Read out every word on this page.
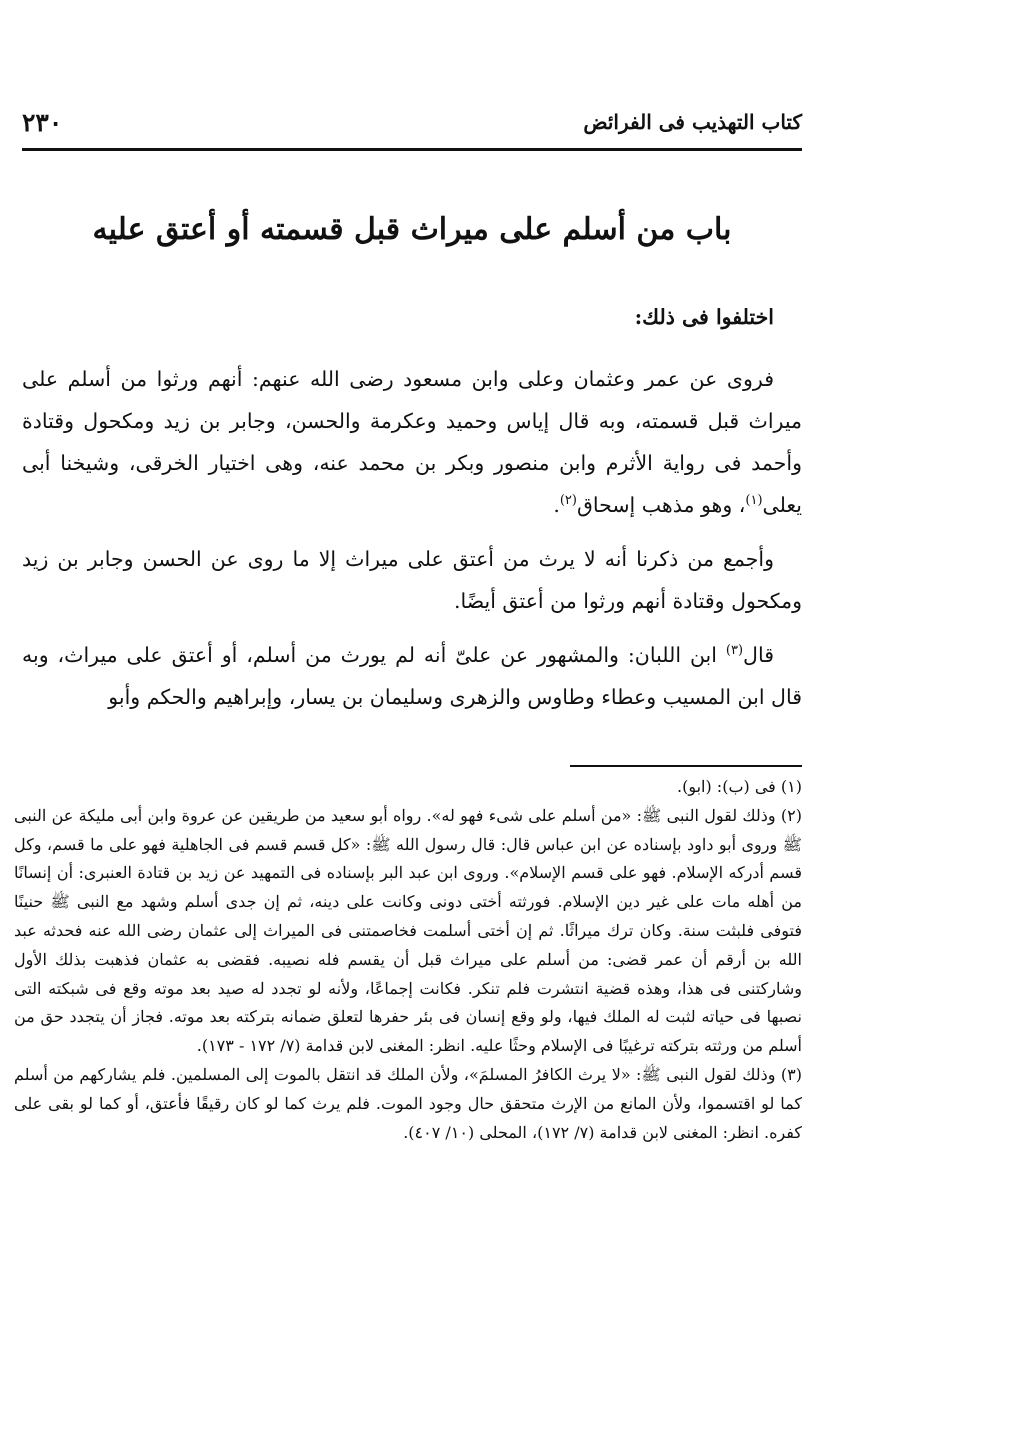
٢٣٠	كتاب التهذيب فى الفرائض
باب من أسلم على ميراث قبل قسمته أو أعتق عليه

اختلفوا فى ذلك:

فروى عن عمر وعثمان وعلى وابن مسعود رضى الله عنهم: أنهم ورثوا من أسلم على ميراث قبل قسمته، وبه قال إياس وحميد وعكرمة والحسن، وجابر بن زيد ومكحول وقتادة وأحمد فى رواية الأثرم وابن منصور وبكر بن محمد عنه، وهى اختيار الخرقى، وشيخنا أبى يعلى$^{(١)}$، وهو مذهب إسحاق$^{(٢)}$.

وأجمع من ذكرنا أنه لا يرث من أعتق على ميراث إلا ما روى عن الحسن وجابر بن زيد ومكحول وقتادة أنهم ورثوا من أعتق أيضًا.

قال$^{(٣)}$ ابن اللبان: والمشهور عن علىّ أنه لم يورث من أسلم، أو أعتق على ميراث، وبه قال ابن المسيب وعطاء وطاوس والزهرى وسليمان بن يسار، وإبراهيم والحكم وأبو

(١) فى (ب): (ابو).

(٢) وذلك لقول النبى ﷺ: «من أسلم على شىء فهو له». رواه أبو سعيد من طريقين عن عروة وابن أبى مليكة عن النبى ﷺ وروى أبو داود بإسناده عن ابن عباس قال: قال رسول الله ﷺ: «كل قسم قسم فى الجاهلية فهو على ما قسم، وكل قسم أدركه الإسلام. فهو على قسم الإسلام». وروى ابن عبد البر بإسناده فى التمهيد عن زيد بن قتادة العنبرى: أن إنسانًا من أهله مات على غير دين الإسلام. فورثته أختى دونى وكانت على دينه، ثم إن جدى أسلم وشهد مع النبى ﷺ حنينًا فتوفى فلبثت سنة. وكان ترك ميراثًا. ثم إن أختى أسلمت فخاصمتنى فى الميراث إلى عثمان رضى الله عنه فحدثه عبد الله بن أرقم أن عمر قضى: من أسلم على ميراث قبل أن يقسم فله نصيبه. فقضى به عثمان فذهبت بذلك الأول وشاركتنى فى هذا، وهذه قضية انتشرت فلم تنكر. فكانت إجماعًا، ولأنه لو تجدد له صيد بعد موته وقع فى شبكته التى نصبها فى حياته لثبت له الملك فيها، ولو وقع إنسان فى بئر حفرها لتعلق ضمانه بتركته بعد موته. فجاز أن يتجدد حق من أسلم من ورثته بتركته ترغيبًا فى الإسلام وحثًا عليه. انظر: المغنى لابن قدامة (٧/ ١٧٢ - ١٧٣).

(٣) وذلك لقول النبى ﷺ: «لا يرث الكافرُ المسلمَ»، ولأن الملك قد انتقل بالموت إلى المسلمين. فلم يشاركهم من أسلم كما لو اقتسموا، ولأن المانع من الإرث متحقق حال وجود الموت. فلم يرث كما لو كان رقيقًا فأعتق، أو كما لو بقى على كفره. انظر: المغنى لابن قدامة (٧/ ١٧٢)، المحلى (١٠/ ٤٠٧).
